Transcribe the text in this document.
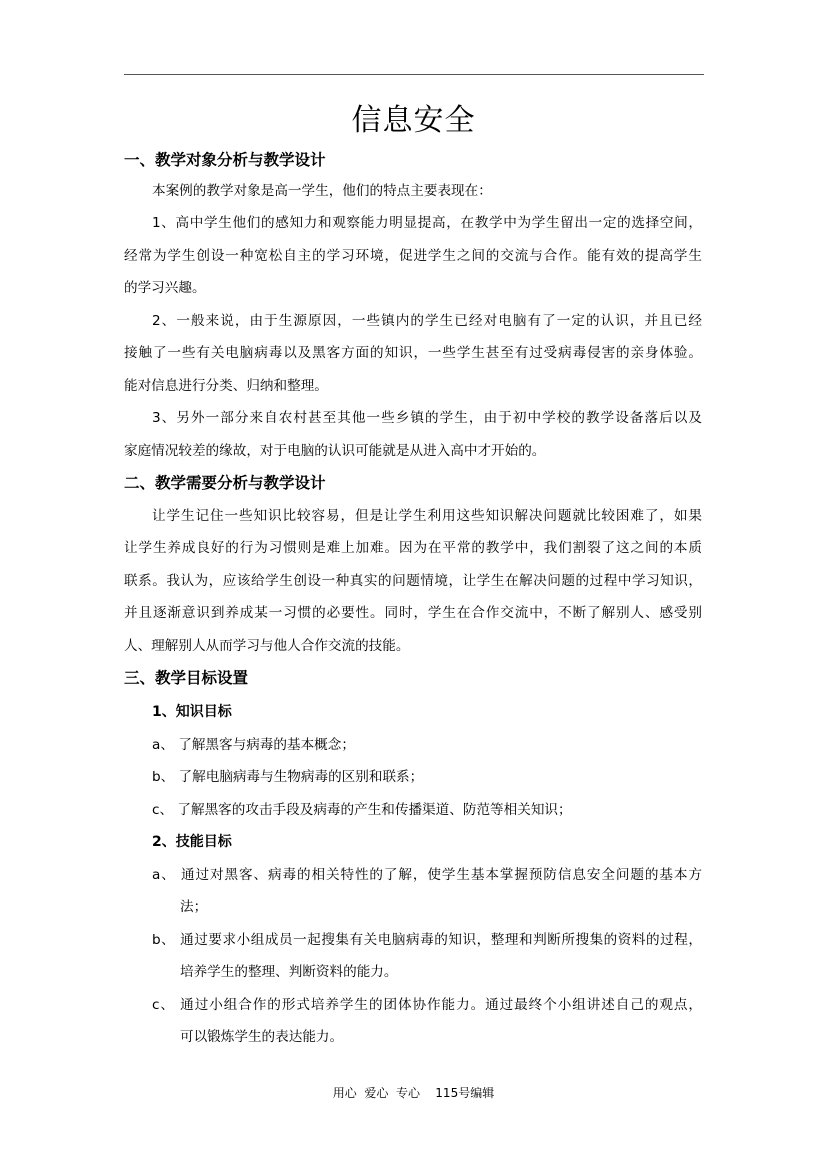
信息安全
一、教学对象分析与教学设计
本案例的教学对象是高一学生，他们的特点主要表现在：
1、高中学生他们的感知力和观察能力明显提高，在教学中为学生留出一定的选择空间，
经常为学生创设一种宽松自主的学习环境，促进学生之间的交流与合作。能有效的提高学生
的学习兴趣。
2、一般来说，由于生源原因，一些镇内的学生已经对电脑有了一定的认识，并且已经
接触了一些有关电脑病毒以及黑客方面的知识，一些学生甚至有过受病毒侵害的亲身体验。
能对信息进行分类、归纳和整理。
3、另外一部分来自农村甚至其他一些乡镇的学生，由于初中学校的教学设备落后以及
家庭情况较差的缘故，对于电脑的认识可能就是从进入高中才开始的。
二、教学需要分析与教学设计
让学生记住一些知识比较容易，但是让学生利用这些知识解决问题就比较困难了，如果
让学生养成良好的行为习惯则是难上加难。因为在平常的教学中，我们割裂了这之间的本质
联系。我认为，应该给学生创设一种真实的问题情境，让学生在解决问题的过程中学习知识，
并且逐渐意识到养成某一习惯的必要性。同时，学生在合作交流中，不断了解别人、感受别
人、理解别人从而学习与他人合作交流的技能。
三、教学目标设置
1、知识目标
a、 了解黑客与病毒的基本概念；
b、 了解电脑病毒与生物病毒的区别和联系；
c、 了解黑客的攻击手段及病毒的产生和传播渠道、防范等相关知识；
2、技能目标
a、 通过对黑客、病毒的相关特性的了解，使学生基本掌握预防信息安全问题的基本方
法；
b、 通过要求小组成员一起搜集有关电脑病毒的知识，整理和判断所搜集的资料的过程，
培养学生的整理、判断资料的能力。
c、 通过小组合作的形式培养学生的团体协作能力。通过最终个小组讲述自己的观点，
可以锻炼学生的表达能力。
用心  爱心  专心    115号编辑
